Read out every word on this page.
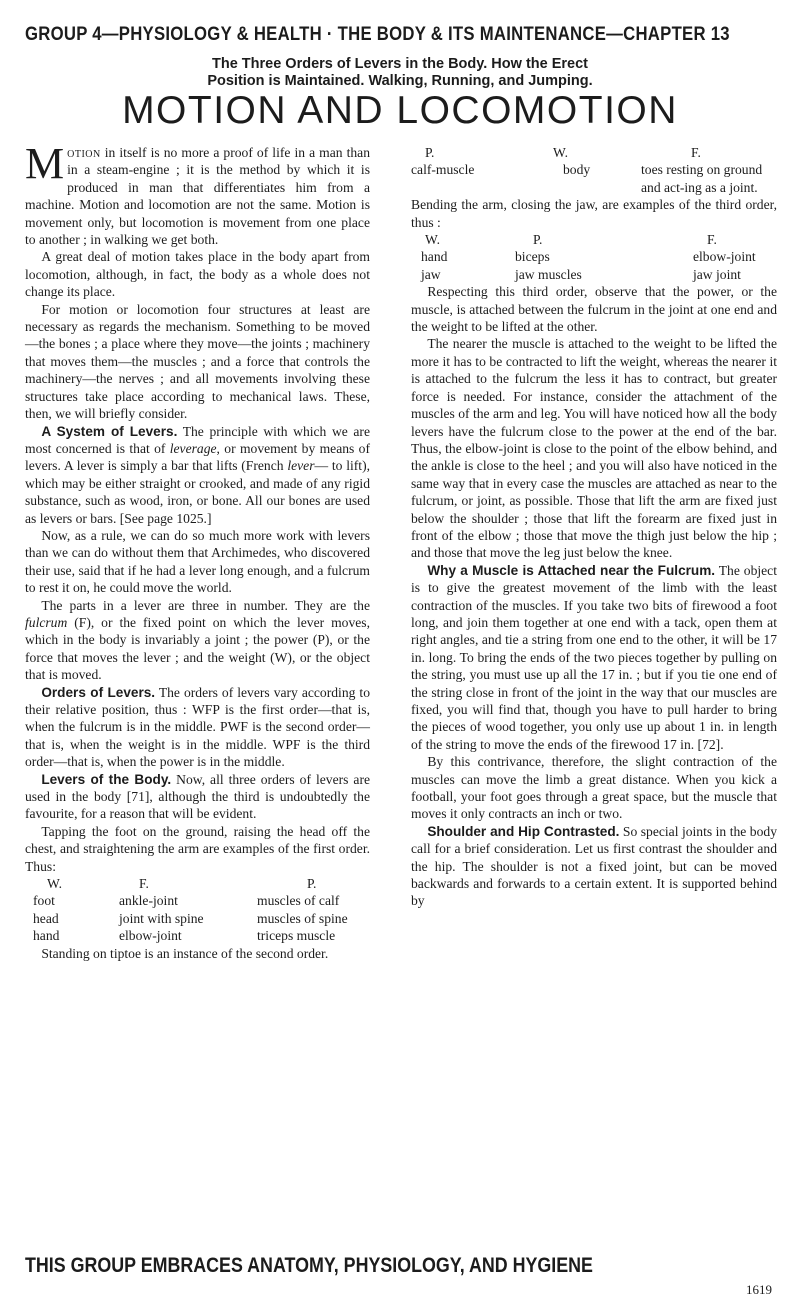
GROUP 4—PHYSIOLOGY & HEALTH · THE BODY & ITS MAINTENANCE—CHAPTER 13
The Three Orders of Levers in the Body. How the Erect
Position is Maintained. Walking, Running, and Jumping.
MOTION AND LOCOMOTION

Motion in itself is no more a proof of life in a man than in a steam-engine ; it is the method by which it is produced in man that differentiates him from a machine. Motion and locomotion are not the same. Motion is movement only, but locomotion is movement from one place to another ; in walking we get both.

A great deal of motion takes place in the body apart from locomotion, although, in fact, the body as a whole does not change its place.

For motion or locomotion four structures at least are necessary as regards the mechanism. Something to be moved—the bones ; a place where they move—the joints ; machinery that moves them—the muscles ; and a force that controls the machinery—the nerves ; and all movements involving these structures take place according to mechanical laws. These, then, we will briefly consider.

A System of Levers. The principle with which we are most concerned is that of leverage, or movement by means of levers. A lever is simply a bar that lifts (French lever— to lift), which may be either straight or crooked, and made of any rigid substance, such as wood, iron, or bone. All our bones are used as levers or bars. [See page 1025.]

Now, as a rule, we can do so much more work with levers than we can do without them that Archimedes, who discovered their use, said that if he had a lever long enough, and a fulcrum to rest it on, he could move the world.

The parts in a lever are three in number. They are the fulcrum (F), or the fixed point on which the lever moves, which in the body is invariably a joint ; the power (P), or the force that moves the lever ; and the weight (W), or the object that is moved.

Orders of Levers. The orders of levers vary according to their relative position, thus : WFP is the first order—that is, when the fulcrum is in the middle. PWF is the second order—that is, when the weight is in the middle. WPF is the third order—that is, when the power is in the middle.

Levers of the Body. Now, all three orders of levers are used in the body [71], although the third is undoubtedly the favourite, for a reason that will be evident.

Tapping the foot on the ground, raising the head off the chest, and straightening the arm are examples of the first order. Thus:

W.	F.	P.
foot	ankle-joint	muscles of calf
head	joint with spine	muscles of spine
hand	elbow-joint	triceps muscle

Standing on tiptoe is an instance of the second order.

P.	W.	F.
calf-muscle	body	toes resting on ground and act-ing as a joint.

Bending the arm, closing the jaw, are examples of the third order, thus :

W.	P.	F.
hand	biceps	elbow-joint
jaw	jaw muscles	jaw joint

Respecting this third order, observe that the power, or the muscle, is attached between the fulcrum in the joint at one end and the weight to be lifted at the other.

The nearer the muscle is attached to the weight to be lifted the more it has to be contracted to lift the weight, whereas the nearer it is attached to the fulcrum the less it has to contract, but greater force is needed. For instance, consider the attachment of the muscles of the arm and leg. You will have noticed how all the body levers have the fulcrum close to the power at the end of the bar. Thus, the elbow-joint is close to the point of the elbow behind, and the ankle is close to the heel ; and you will also have noticed in the same way that in every case the muscles are attached as near to the fulcrum, or joint, as possible. Those that lift the arm are fixed just below the shoulder ; those that lift the forearm are fixed just in front of the elbow ; those that move the thigh just below the hip ; and those that move the leg just below the knee.

Why a Muscle is Attached near the Fulcrum. The object is to give the greatest movement of the limb with the least contraction of the muscles. If you take two bits of firewood a foot long, and join them together at one end with a tack, open them at right angles, and tie a string from one end to the other, it will be 17 in. long. To bring the ends of the two pieces together by pulling on the string, you must use up all the 17 in. ; but if you tie one end of the string close in front of the joint in the way that our muscles are fixed, you will find that, though you have to pull harder to bring the pieces of wood together, you only use up about 1 in. in length of the string to move the ends of the firewood 17 in. [72].

By this contrivance, therefore, the slight contraction of the muscles can move the limb a great distance. When you kick a football, your foot goes through a great space, but the muscle that moves it only contracts an inch or two.

Shoulder and Hip Contrasted. So special joints in the body call for a brief consideration. Let us first contrast the shoulder and the hip. The shoulder is not a fixed joint, but can be moved backwards and forwards to a certain extent. It is supported behind by

THIS GROUP EMBRACES ANATOMY, PHYSIOLOGY, AND HYGIENE
1619
